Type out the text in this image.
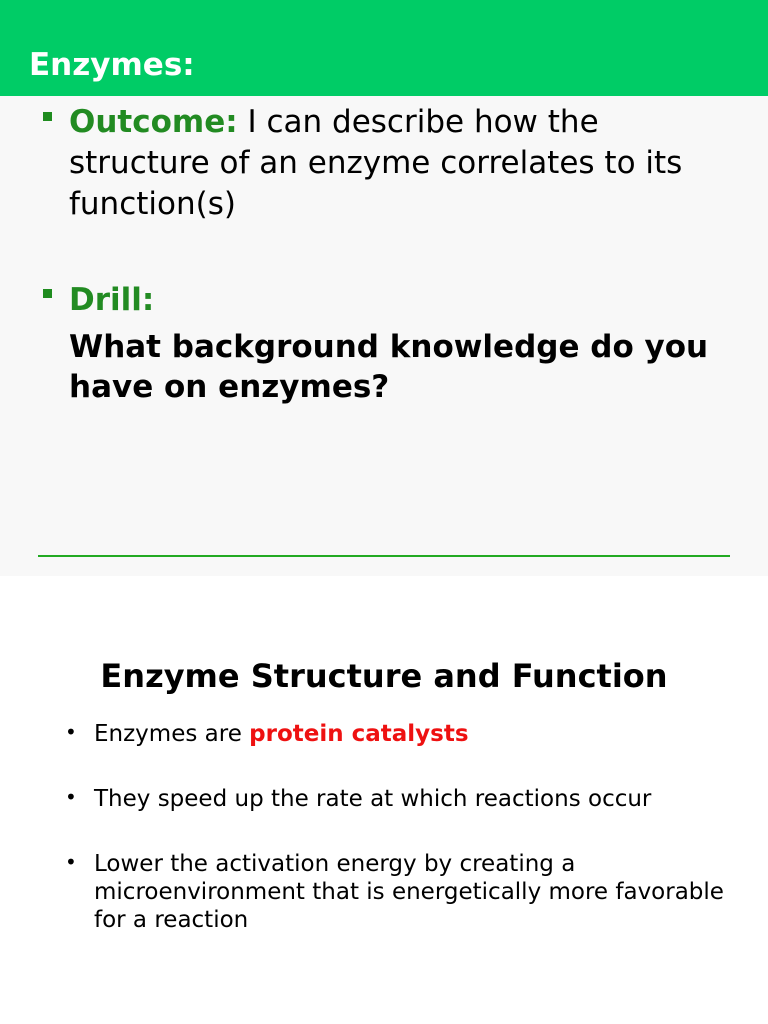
Enzymes:
Outcome: I can describe how the structure of an enzyme correlates to its function(s)
Drill:
What background knowledge do you have on enzymes?
Enzyme Structure and Function
• Enzymes are protein catalysts
• They speed up the rate at which reactions occur
• Lower the activation energy by creating a microenvironment that is energetically more favorable for a reaction
